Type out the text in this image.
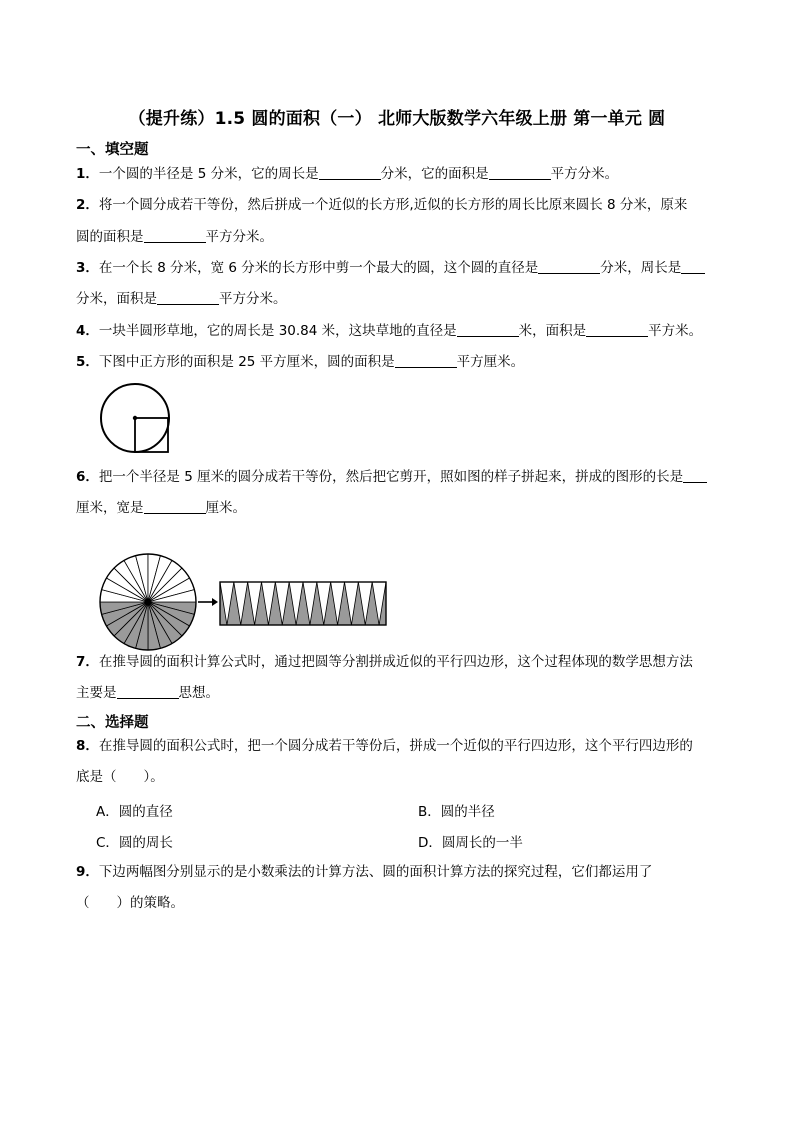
（提升练）1.5 圆的面积（一） 北师大版数学六年级上册 第一单元 圆
一、填空题
1．一个圆的半径是 5 分米，它的周长是	分米，它的面积是	平方分米。
2．将一个圆分成若干等份，然后拼成一个近似的长方形,近似的长方形的周长比原来圆长 8 分米，原来
圆的面积是	平方分米。
3．在一个长 8 分米，宽 6 分米的长方形中剪一个最大的圆，这个圆的直径是	分米，周长是
分米，面积是	平方分米。
4．一块半圆形草地，它的周长是 30.84 米，这块草地的直径是	米，面积是	平方米。
5．下图中正方形的面积是 25 平方厘米，圆的面积是	平方厘米。
6．把一个半径是 5 厘米的圆分成若干等份，然后把它剪开，照如图的样子拼起来，拼成的图形的长是
厘米，宽是	厘米。
7．在推导圆的面积计算公式时，通过把圆等分割拼成近似的平行四边形，这个过程体现的数学思想方法
主要是	思想。
二、选择题
8．在推导圆的面积公式时，把一个圆分成若干等份后，拼成一个近似的平行四边形，这个平行四边形的
底是（　　）。
A．圆的直径	B．圆的半径
C．圆的周长	D．圆周长的一半
9．下边两幅图分别显示的是小数乘法的计算方法、圆的面积计算方法的探究过程，它们都运用了
（　　）的策略。
